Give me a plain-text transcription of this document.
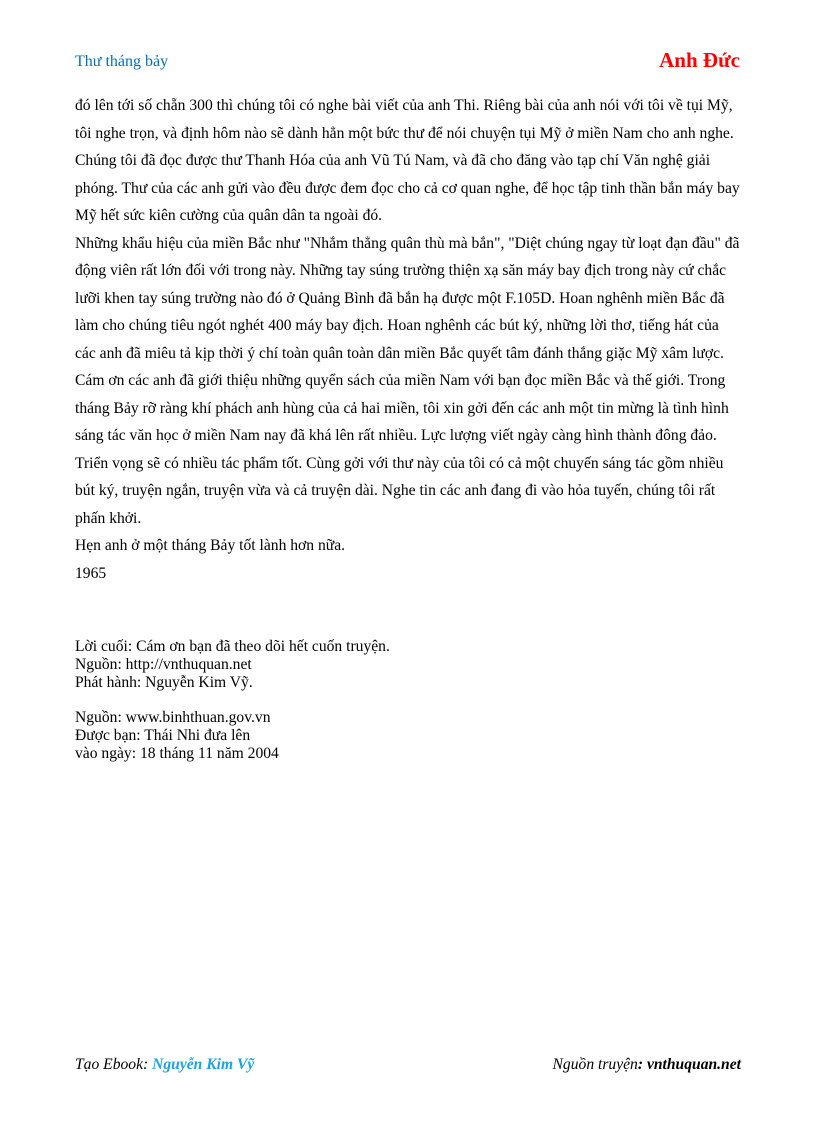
Thư tháng bảy	Anh Đức

đó lên tới số chẵn 300 thì chúng tôi có nghe bài viết của anh Thi. Riêng bài của anh nói với tôi về tụi Mỹ, tôi nghe trọn, và định hôm nào sẽ dành hẳn một bức thư để nói chuyện tụi Mỹ ở miền Nam cho anh nghe. Chúng tôi đã đọc được thư Thanh Hóa của anh Vũ Tú Nam, và đã cho đăng vào tạp chí Văn nghệ giải phóng. Thư của các anh gửi vào đều được đem đọc cho cả cơ quan nghe, để học tập tinh thần bắn máy bay Mỹ hết sức kiên cường của quân dân ta ngoài đó.

Những khẩu hiệu của miền Bắc như "Nhắm thẳng quân thù mà bắn", "Diệt chúng ngay từ loạt đạn đầu" đã động viên rất lớn đối với trong này. Những tay súng trường thiện xạ săn máy bay địch trong này cứ chắc lưỡi khen tay súng trường nào đó ở Quảng Bình đã bắn hạ được một F.105D. Hoan nghênh miền Bắc đã làm cho chúng tiêu ngót nghét 400 máy bay địch. Hoan nghênh các bút ký, những lời thơ, tiếng hát của các anh đã miêu tả kịp thời ý chí toàn quân toàn dân miền Bắc quyết tâm đánh thắng giặc Mỹ xâm lược.

Cám ơn các anh đã giới thiệu những quyển sách của miền Nam với bạn đọc miền Bắc và thế giới. Trong tháng Bảy rỡ ràng khí phách anh hùng của cả hai miền, tôi xin gởi đến các anh một tin mừng là tình hình sáng tác văn học ở miền Nam nay đã khá lên rất nhiều. Lực lượng viết ngày càng hình thành đông đảo. Triển vọng sẽ có nhiều tác phẩm tốt. Cùng gởi với thư này của tôi có cả một chuyến sáng tác gồm nhiều bút ký, truyện ngắn, truyện vừa và cả truyện dài. Nghe tin các anh đang đi vào hỏa tuyến, chúng tôi rất phấn khởi.

Hẹn anh ở một tháng Bảy tốt lành hơn nữa.

1965

Lời cuối: Cám ơn bạn đã theo dõi hết cuốn truyện.

Nguồn: http://vnthuquan.net

Phát hành: Nguyễn Kim Vỹ.

Nguồn: www.binhthuan.gov.vn

Được bạn: Thái Nhi đưa lên

vào ngày: 18 tháng 11 năm 2004

Tạo Ebook: Nguyễn Kim Vỹ	Nguồn truyện: vnthuquan.net
